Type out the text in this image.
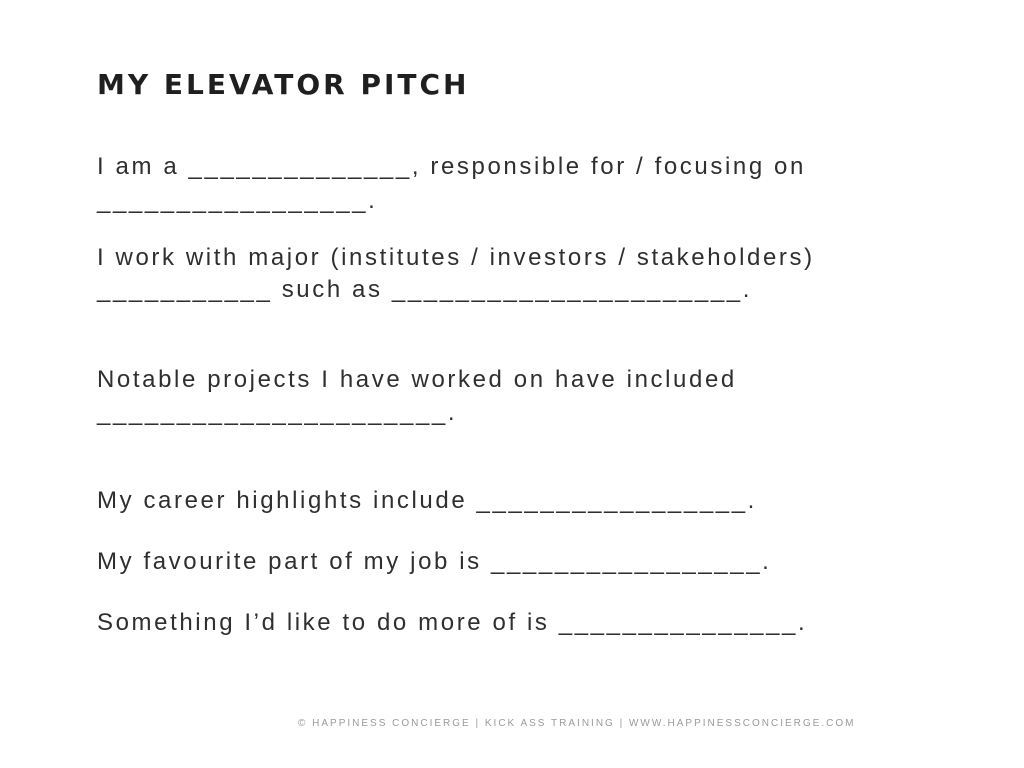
MY ELEVATOR PITCH

I am a ______________, responsible for / focusing on

_________________.

I work with major (institutes / investors / stakeholders)

___________ such as ______________________.

Notable projects I have worked on have included

______________________.

My career highlights include _________________.

My favourite part of my job is _________________.

Something I’d like to do more of is _______________.

© HAPPINESS CONCIERGE | KICK ASS TRAINING | WWW.HAPPINESSCONCIERGE.COM
